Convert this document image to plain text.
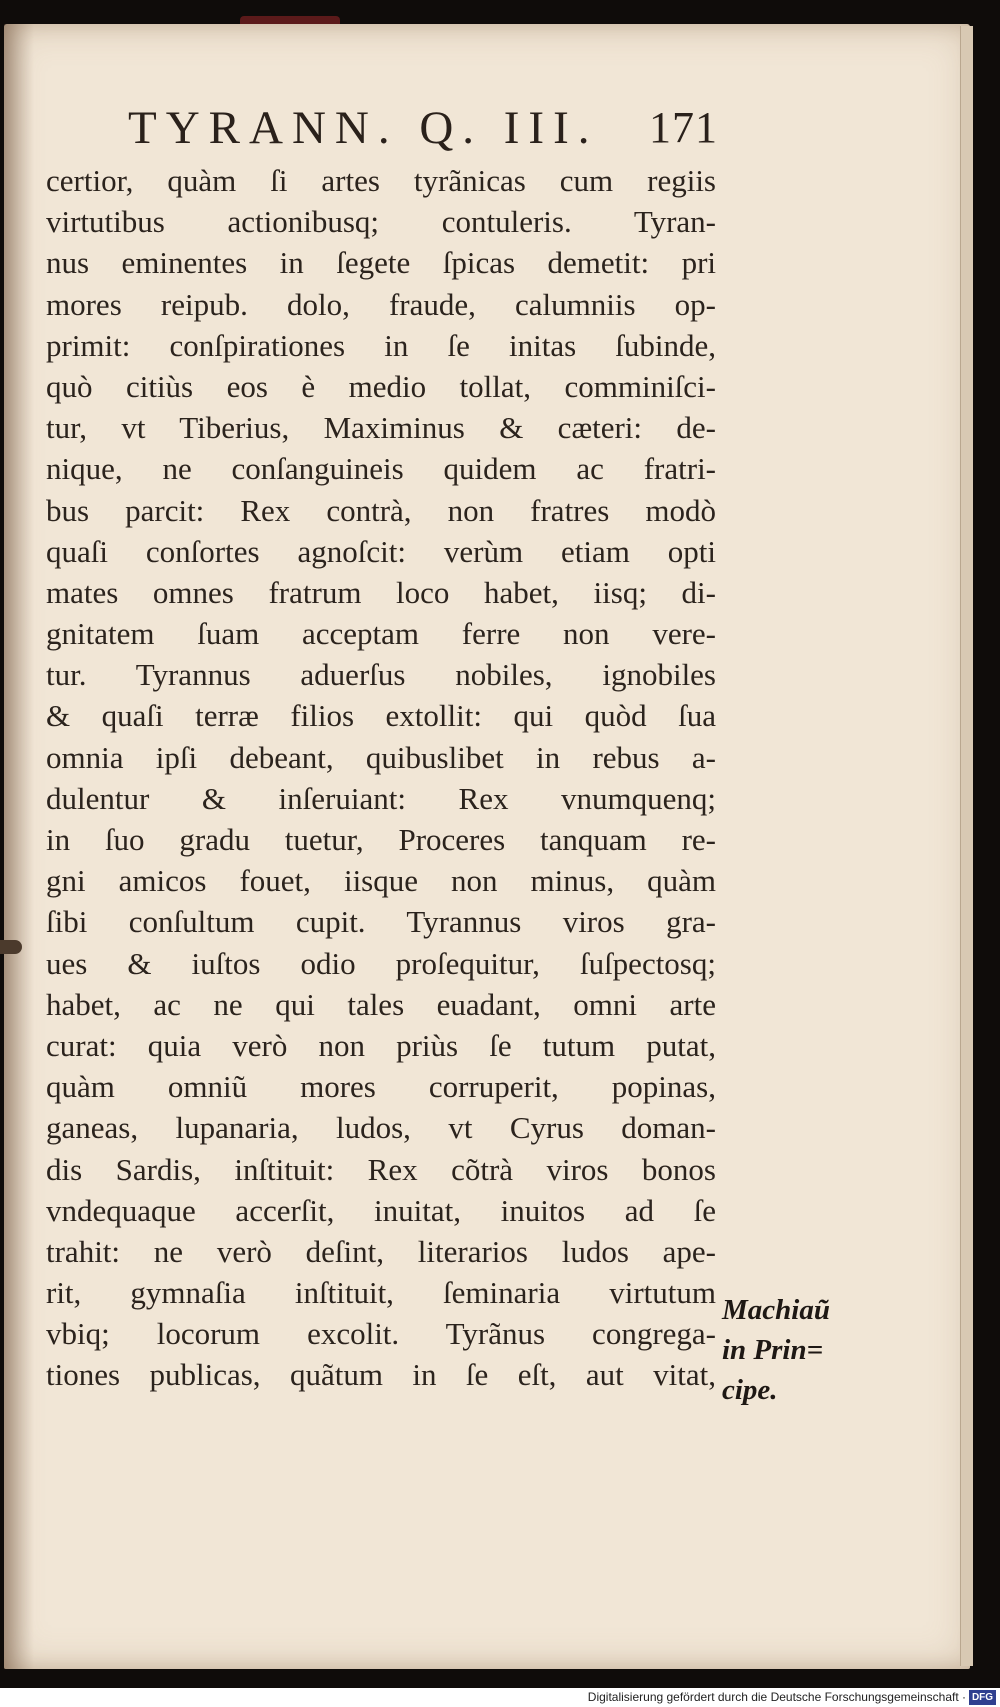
TYRANN. Q. III. 171
certior, quàm ſi artes tyrãnicas cum regiis
virtutibus actionibusq; contuleris. Tyran-
nus eminentes in ſegete ſpicas demetit: pri
mores reipub. dolo, fraude, calumniis op-
primit: conſpirationes in ſe initas ſubinde,
quò citiùs eos è medio tollat, comminiſci-
tur, vt Tiberius, Maximinus & cæteri: de-
nique, ne conſanguineis quidem ac fratri-
bus parcit: Rex contrà, non fratres modò
quaſi conſortes agnoſcit: verùm etiam opti
mates omnes fratrum loco habet, iisq; di-
gnitatem ſuam acceptam ferre non vere-
tur. Tyrannus aduerſus nobiles, ignobiles
& quaſi terræ filios extollit: qui quòd ſua
omnia ipſi debeant, quibuslibet in rebus a-
dulentur & inſeruiant: Rex vnumquenq;
in ſuo gradu tuetur, Proceres tanquam re-
gni amicos fouet, iisque non minus, quàm
ſibi conſultum cupit. Tyrannus viros gra-
ues & iuſtos odio proſequitur, ſuſpectosq;
habet, ac ne qui tales euadant, omni arte
curat: quia verò non priùs ſe tutum putat,
quàm omniũ mores corruperit, popinas,
ganeas, lupanaria, ludos, vt Cyrus doman-
dis Sardis, inſtituit: Rex cõtrà viros bonos
vndequaque accerſit, inuitat, inuitos ad ſe
trahit: ne verò deſint, literarios ludos ape-
rit, gymnaſia inſtituit, ſeminaria virtutum
vbiq; locorum excolit. Tyrãnus congrega-
tiones publicas, quãtum in ſe eſt, aut vitat,
Machiaũ
in Prin=
cipe.
Digitalisierung gefördert durch die Deutsche Forschungsgemeinschaft · DFG
